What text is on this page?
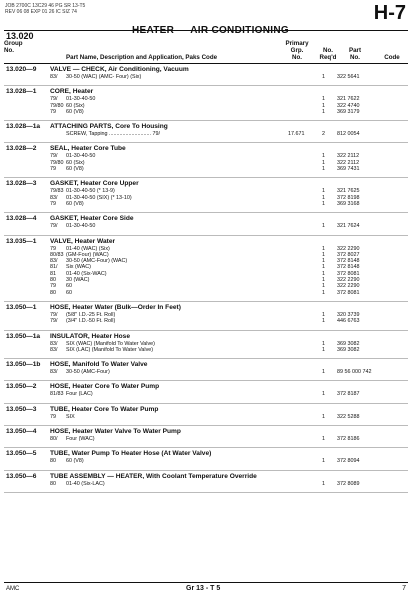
JOB 2700C 13C29 46 PG SR 13-T5
REV 06 08 EXP 01 26 IC SIZ 74	H-7
HEATER — AIR CONDITIONING
13.020
Group
No.
Part Name, Description and Application, Paks Code
Primary
Grp.
No.
No.
Req'd
Part
No.	Code
13.020—9 VALVE — CHECK, Air Conditioning, Vacuum
83/ 30-50 (WAC) (AMC- Four) (Six)	1 322 5641
13.028—1 CORE, Heater
79/ 01-30-40-50	1 321 7622
79/80 60 (Six)	1 322 4740
79 60 (V8)	1 369 3179
13.028—1a ATTACHING PARTS, Core To Housing
SCREW, Tapping ............................ 79/	17.671	2 812 0054
13.028—2 SEAL, Heater Core Tube
79/ 01-30-40-50	1 322 2112
79/80 60 (Six)	1 322 2112
79 60 (V8)	1 369 7431
13.028—3 GASKET, Heater Core Upper
79/83 01-30-40-50 (* 13-9)	1 321 7625
83/ 01-30-40-50 (SIX) (* 13-10)	1 372 8198
79 60 (V8)	1 369 3168
13.028—4 GASKET, Heater Core Side
79/ 01-30-40-50	1 321 7624
13.035—1 VALVE, Heater Water
79 01-40 (WAC) (Six)	1 322 2290
80/83 (GM-Four) (WAC)	1 372 8027
83/ 30-50 (AMC-Four) (WAC)	1 372 8148
81/ Six (WAC)	1 372 8148
81 01-40 (Six-WAC)	1 372 8081
80 30 (WAC)	1 322 2290
79 60	1 322 2290
80 60	1 372 8081
13.050—1 HOSE, Heater Water (Bulk—Order In Feet)
79/ (5/8" I.D.-25 Ft. Roll)	1 320 3739
79/ (3/4" I.D.-50 Ft. Roll)	1 446 6763
13.050—1a INSULATOR, Heater Hose
83/ SIX (WAC) (Manifold To Water Valve)	1 369 3082
83/ SIX (LAC) (Manifold To Water Valve)	1 369 3082
13.050—1b HOSE, Manifold To Water Valve
83/ 30-50 (AMC-Four)	1 89 56 000 742
13.050—2 HOSE, Heater Core To Water Pump
81/83 Four (LAC)	1 372 8187
13.050—3 TUBE, Heater Core To Water Pump
79 SIX	1 322 5288
13.050—4 HOSE, Heater Water Valve To Water Pump
80/ Four (WAC)	1 372 8186
13.050—5 TUBE, Water Pump To Heater Hose (At Water Valve)
80 60 (V8)	1 372 8094
13.050—6 TUBE ASSEMBLY — HEATER, With Coolant Temperature Override
80 01-40 (Six-LAC)	1 372 8089
AMC	Gr 13 - T 5	7
